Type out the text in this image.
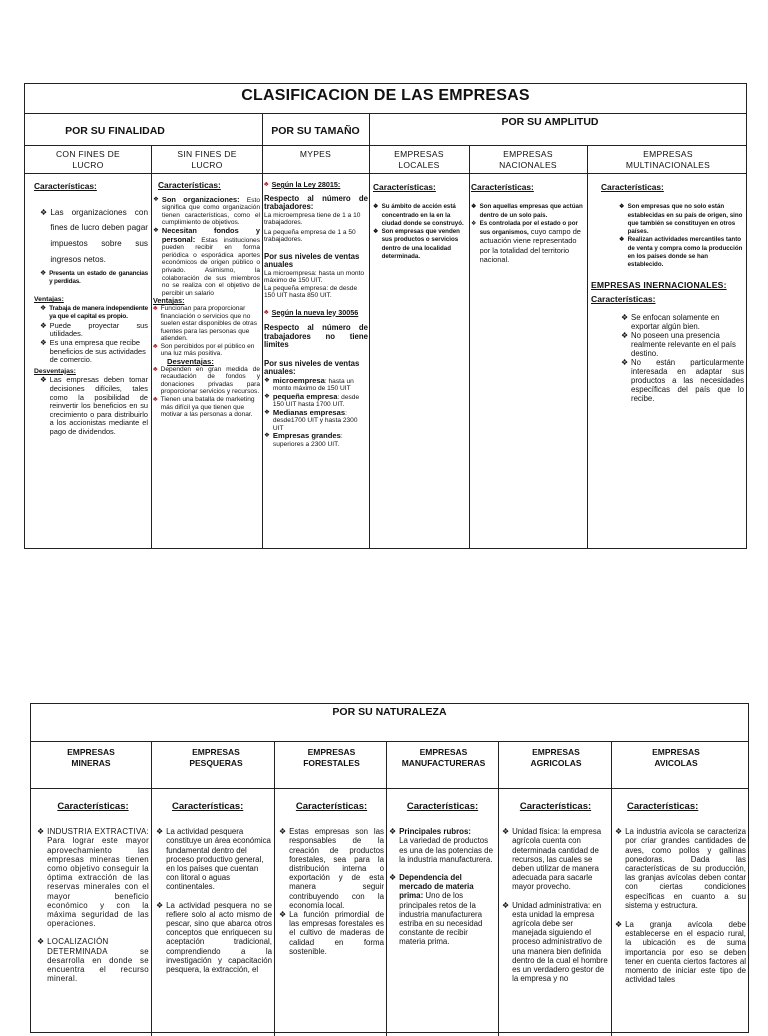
CLASIFICACION DE LAS EMPRESAS
POR SU FINALIDAD	POR SU TAMAÑO
POR SU AMPLITUD
CON FINES DE LUCRO
SIN FINES DE LUCRO
MYPES	EMPRESAS LOCALES
EMPRESAS NACIONALES
EMPRESAS MULTINACIONALES

Características:

❖ Las organizaciones con fines de lucro deben pagar impuestos sobre sus ingresos netos.
❖ Presenta un estado de ganancias y perdidas.

Ventajas:

❖ Trabaja de manera independiente ya que el capital es propio.
❖ Puede proyectar sus utilidades.
❖ Es una empresa que recibe beneficios de sus actividades de comercio.

Desventajas:

❖ Las empresas deben tomar decisiones difíciles, tales como la posibilidad de reinvertir los beneficios en su crecimiento o para distribuirlo a los accionistas mediante el pago de dividendos.

Características:

❖ Son organizaciones: Esto significa que como organización tienen características, como el cumplimiento de objetivos.
❖ Necesitan fondos y personal: Estas instituciones pueden recibir en forma periódica o esporádica aportes económicos de origen público o privado. Asimismo, la colaboración de sus miembros no se realiza con el objetivo de percibir un salario

Ventajas:

♣ Funcionan para proporcionar financiación o servicios que no suelen estar disponibles de otras fuentes para las personas que atienden.
♣ Son percibidos por el público en una luz más positiva.

Desventajas:

♣ Dependen en gran medida de recaudación de fondos y donaciones privadas para proporcionar servicios y recursos.
♣ Tienen una batalla de marketing más difícil ya que tienen que motivar a las personas a donar.
♣ Según la Ley 28015:

Respecto al número de trabajadores:

La microempresa tiene de 1 a 10 trabajadores.

La pequeña empresa de 1 a 50 trabajadores.

Por sus niveles de ventas anuales

La microempresa: hasta un monto máximo de 150 UIT.

La pequeña empresa: de desde 150 UIT hasta 850 UIT.

♣ Según la nueva ley 30056

Respecto al número de trabajadores no tiene limites

Por sus niveles de ventas anuales:

❖ microempresa: hasta un monto máximo de 150 UIT
❖ pequeña empresa: desde 150 UIT hasta 1700 UIT.
❖ Medianas empresas: desde1700 UIT y hasta 2300 UIT
❖ Empresas grandes: superiores a 2300 UIT.

Características:

❖ Su ámbito de acción está concentrado en la en la ciudad donde se construyó.
❖ Son empresas que venden sus productos o servicios dentro de una localidad determinada.

Características:

❖ Son aquellas empresas que actúan dentro de un solo país.
❖ Es controlada por el estado o por sus organismos, cuyo campo de actuación viene representado por la totalidad del territorio nacional.

Características:

❖ Son empresas que no solo están establecidas en su país de origen, sino que también se constituyen en otros países.
❖ Realizan actividades mercantiles tanto de venta y compra como la producción en los países donde se han establecido.

EMPRESAS INERNACIONALES:

Características:

❖ Se enfocan solamente en exportar algún bien.
❖ No poseen una presencia realmente relevante en el país destino.
❖ No están particularmente interesada en adaptar sus productos a las necesidades específicas del país que lo recibe.
POR SU NATURALEZA
EMPRESAS MINERAS
EMPRESAS PESQUERAS
EMPRESAS FORESTALES
EMPRESAS MANUFACTURERAS
EMPRESAS AGRICOLAS
EMPRESAS AVICOLAS

Características:

❖ INDUSTRIA EXTRACTIVA: Para lograr este mayor aprovechamiento las empresas mineras tienen como objetivo conseguir la óptima extracción de las reservas minerales con el mayor beneficio económico y con la máxima seguridad de las operaciones.
❖ LOCALIZACIÓN DETERMINADA se desarrolla en donde se encuentra el recurso mineral.

Características:

❖ La actividad pesquera constituye un área económica fundamental dentro del proceso productivo general, en los países que cuentan con litoral o aguas continentales.
❖ La actividad pesquera no se refiere solo al acto mismo de pescar, sino que abarca otros conceptos que enriquecen su aceptación tradicional, comprendiendo a la investigación y capacitación pesquera, la extracción, el

Características:

❖ Estas empresas son las responsables de la creación de productos forestales, sea para la distribución interna o exportación y de esta manera seguir contribuyendo con la economía local.
❖ La función primordial de las empresas forestales es el cultivo de maderas de calidad en forma sostenible.

Características:

❖ Principales rubros:
La variedad de productos es una de las potencias de la industria manufacturera.
❖ Dependencia del mercado de materia prima: Uno de los principales retos de la industria manufacturera estriba en su necesidad constante de recibir materia prima.

Características:

❖ Unidad física: la empresa agrícola cuenta con determinada cantidad de recursos, las cuales se deben utilizar de manera adecuada para sacarle mayor provecho.
❖ Unidad administrativa: en esta unidad la empresa agrícola debe ser manejada siguiendo el proceso administrativo de una manera bien definida dentro de la cual el hombre es un verdadero gestor de la empresa y no

Características:

❖ La industria avícola se caracteriza por criar grandes cantidades de aves, como pollos y gallinas ponedoras. Dada las características de su producción, las granjas avícolas deben contar con ciertas condiciones específicas en cuanto a su sistema y estructura.
❖ La granja avícola debe establecerse en el espacio rural, la ubicación es de suma importancia por eso se deben tener en cuenta ciertos factores al momento de iniciar este tipo de actividad tales
